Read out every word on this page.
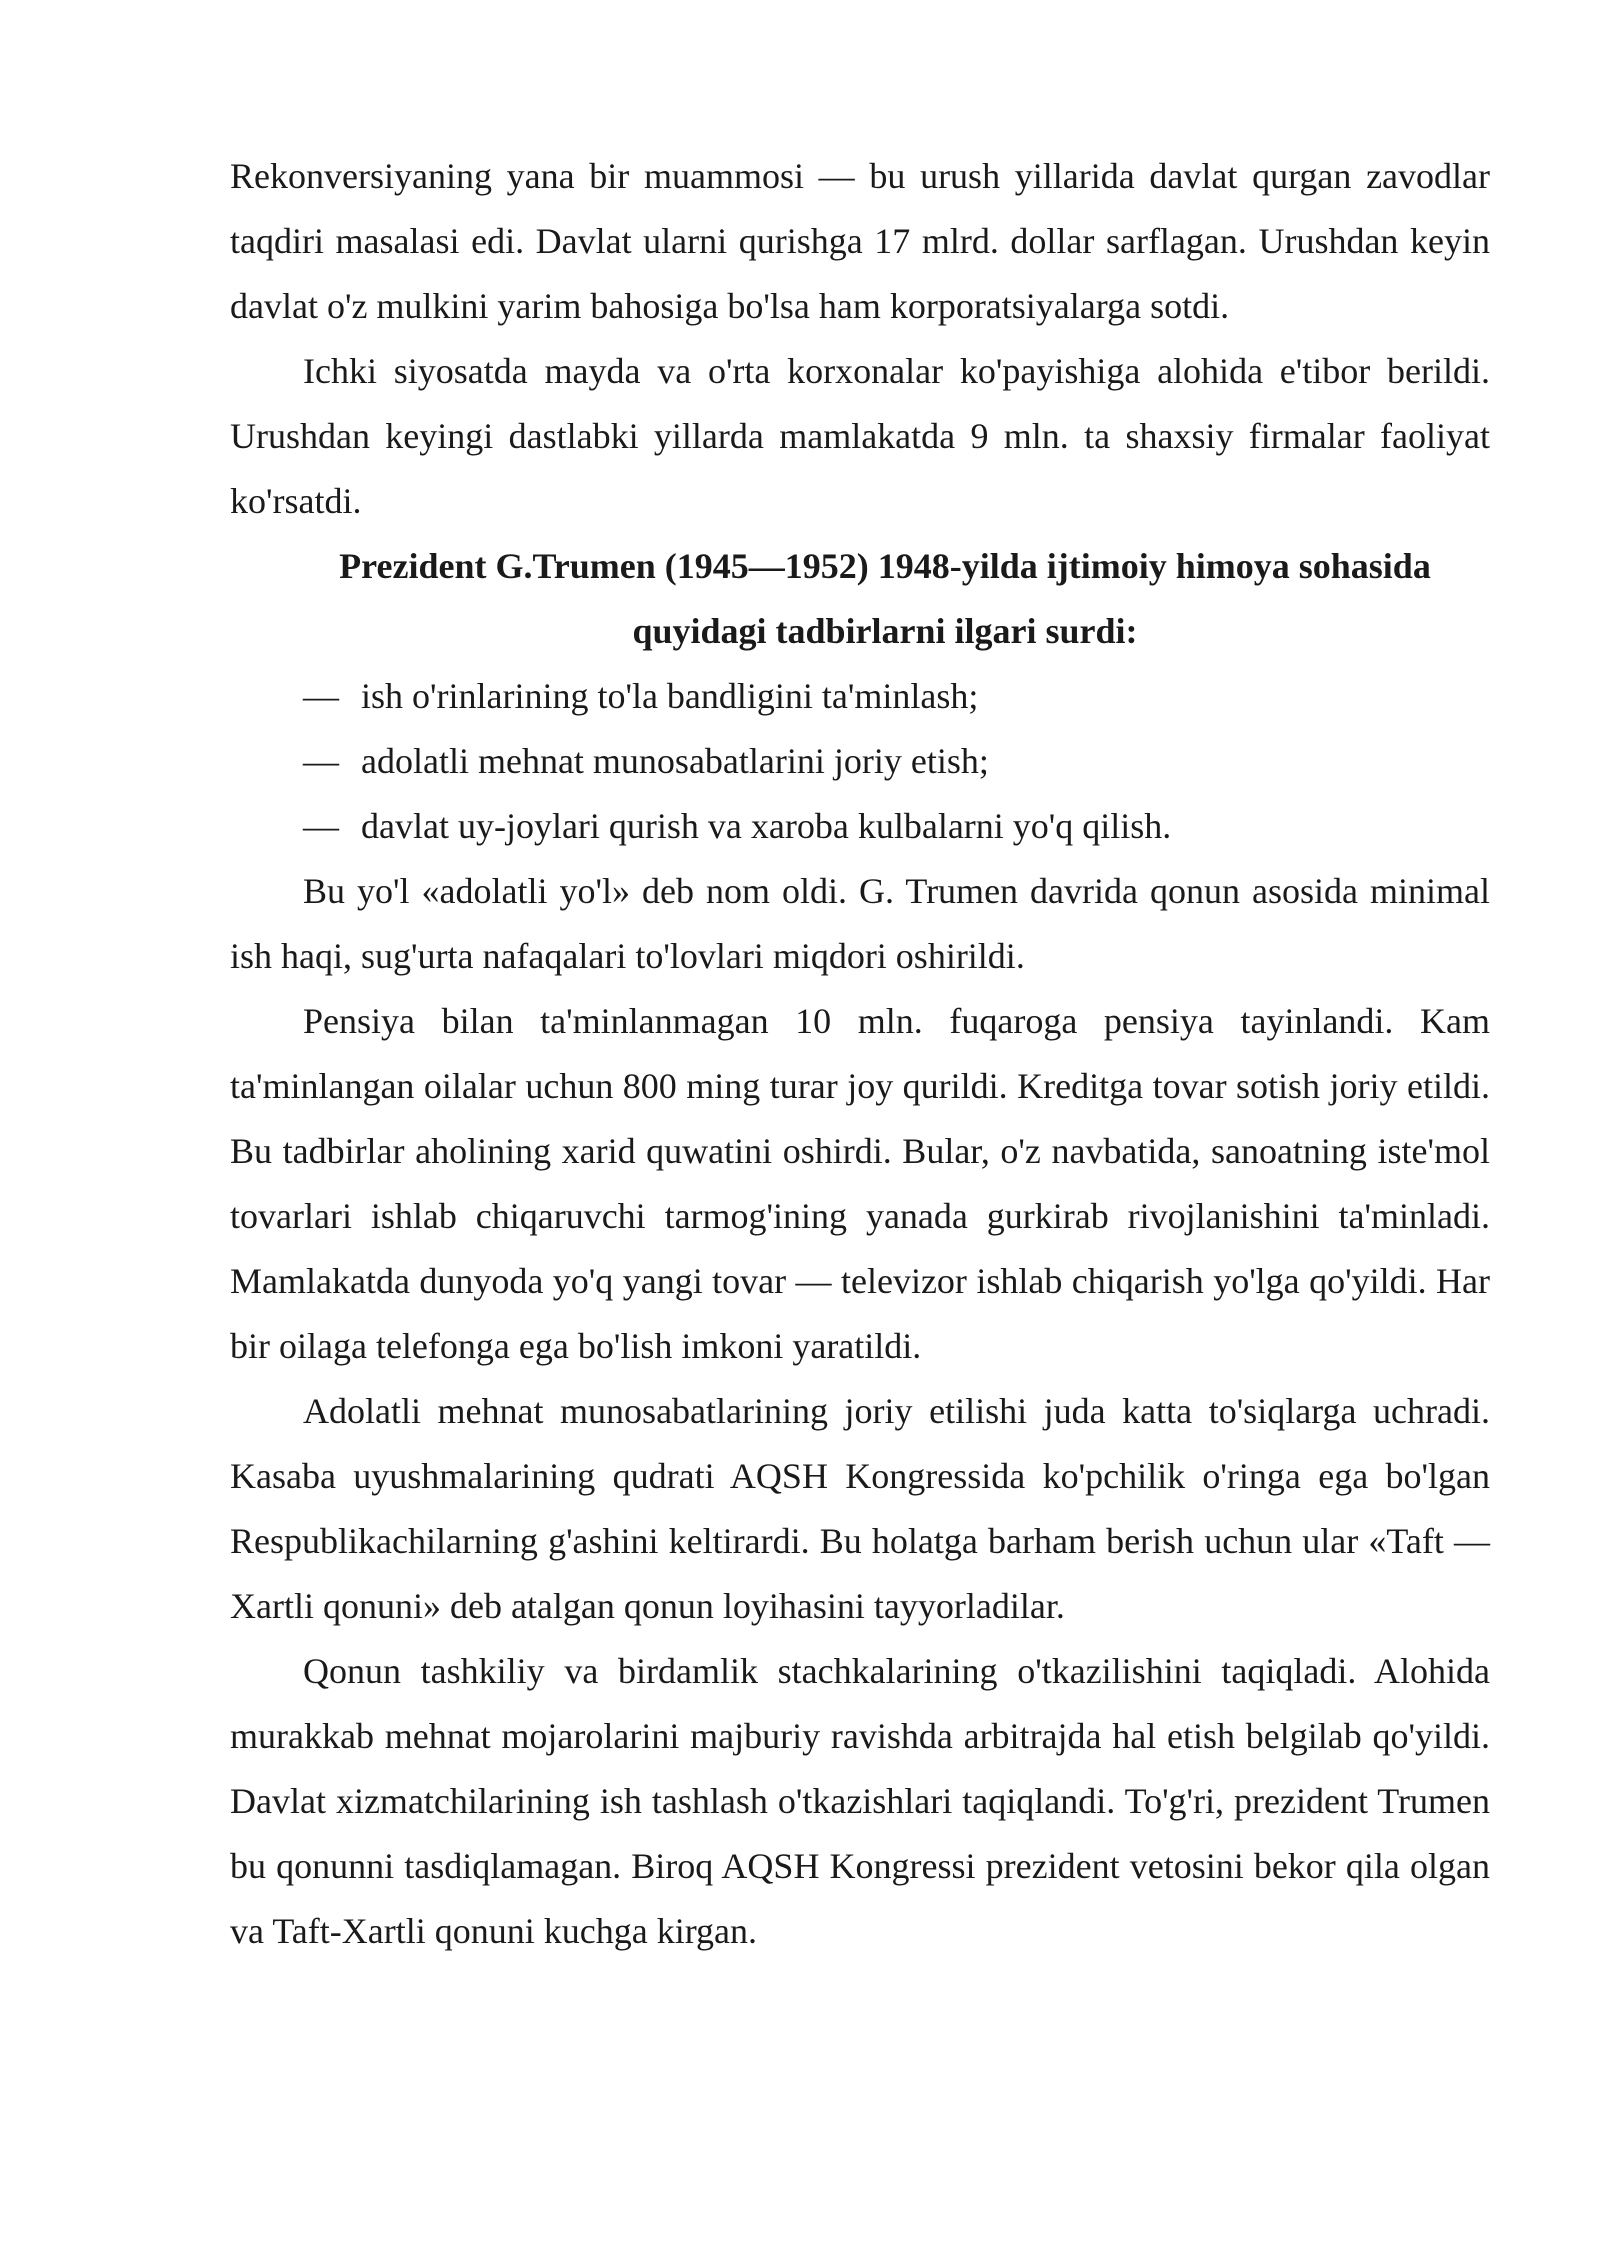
Rekonversiyaning yana bir muammosi — bu urush yillarida davlat qurgan zavodlar taqdiri masalasi edi. Davlat ularni qurishga 17 mlrd. dollar sarflagan. Urushdan keyin davlat o'z mulkini yarim bahosiga bo'lsa ham korporatsiyalarga sotdi.

Ichki siyosatda mayda va o'rta korxonalar ko'payishiga alohida e'tibor berildi. Urushdan keyingi dastlabki yillarda mamlakatda 9 mln. ta shaxsiy firmalar faoliyat ko'rsatdi.

Prezident G.Trumen (1945—1952) 1948-yilda ijtimoiy himoya sohasida quyidagi tadbirlarni ilgari surdi:

— ish o'rinlarining to'la bandligini ta'minlash;
— adolatli mehnat munosabatlarini joriy etish;
— davlat uy-joylari qurish va xaroba kulbalarni yo'q qilish.

Bu yo'l «adolatli yo'l» deb nom oldi. G. Trumen davrida qonun asosida minimal ish haqi, sug'urta nafaqalari to'lovlari miqdori oshirildi.

Pensiya bilan ta'minlanmagan 10 mln. fuqaroga pensiya tayinlandi. Kam ta'minlangan oilalar uchun 800 ming turar joy qurildi. Kreditga tovar sotish joriy etildi. Bu tadbirlar aholining xarid quwatini oshirdi. Bular, o'z navbatida, sanoatning iste'mol tovarlari ishlab chiqaruvchi tarmog'ining yanada gurkirab rivojlanishini ta'minladi. Mamlakatda dunyoda yo'q yangi tovar — televizor ishlab chiqarish yo'lga qo'yildi. Har bir oilaga telefonga ega bo'lish imkoni yaratildi.

Adolatli mehnat munosabatlarining joriy etilishi juda katta to'siqlarga uchradi. Kasaba uyushmalarining qudrati AQSH Kongressida ko'pchilik o'ringa ega bo'lgan Respublikachilarning g'ashini keltirardi. Bu holatga barham berish uchun ular «Taft — Xartli qonuni» deb atalgan qonun loyihasini tayyorladilar.

Qonun tashkiliy va birdamlik stachkalarining o'tkazilishini taqiqladi. Alohida murakkab mehnat mojarolarini majburiy ravishda arbitrajda hal etish belgilab qo'yildi. Davlat xizmatchilarining ish tashlash o'tkazishlari taqiqlandi. To'g'ri, prezident Trumen bu qonunni tasdiqlamagan. Biroq AQSH Kongressi prezident vetosini bekor qila olgan va Taft-Xartli qonuni kuchga kirgan.
